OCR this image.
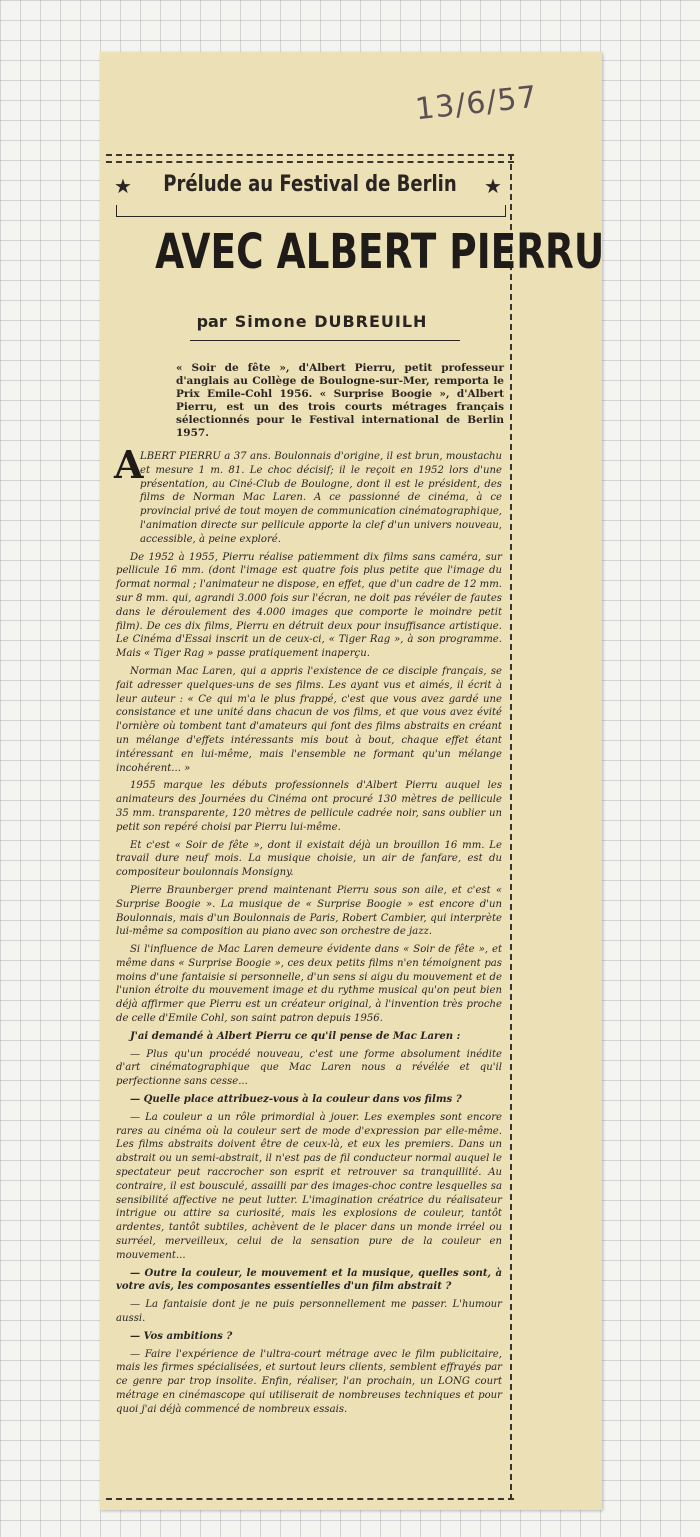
13/6/57
★	Prélude au Festival de Berlin	★
AVEC ALBERT PIERRU
par Simone DUBREUILH
« Soir de fête », d'Albert Pierru, petit professeur d'anglais au Collège de Boulogne-sur-Mer, remporta le Prix Emile-Cohl 1956. « Surprise Boogie », d'Albert Pierru, est un des trois courts métrages français sélectionnés pour le Festival international de Berlin 1957.
A

LBERT PIERRU a 37 ans. Boulonnais d'origine, il est brun, moustachu et mesure 1 m. 81. Le choc décisif; il le reçoit en 1952 lors d'une présentation, au Ciné-Club de Boulogne, dont il est le président, des films de Norman Mac Laren. A ce passionné de cinéma, à ce provincial privé de tout moyen de communication cinématographique, l'animation directe sur pellicule apporte la clef d'un univers nouveau, accessible, à peine exploré.

De 1952 à 1955, Pierru réalise patiemment dix films sans caméra, sur pellicule 16 mm. (dont l'image est quatre fois plus petite que l'image du format normal ; l'animateur ne dispose, en effet, que d'un cadre de 12 mm. sur 8 mm. qui, agrandi 3.000 fois sur l'écran, ne doit pas révéler de fautes dans le déroulement des 4.000 images que comporte le moindre petit film). De ces dix films, Pierru en détruit deux pour insuffisance artistique. Le Cinéma d'Essai inscrit un de ceux-ci, « Tiger Rag », à son programme. Mais « Tiger Rag » passe pratiquement inaperçu.

Norman Mac Laren, qui a appris l'existence de ce disciple français, se fait adresser quelques-uns de ses films. Les ayant vus et aimés, il écrit à leur auteur : « Ce qui m'a le plus frappé, c'est que vous avez gardé une consistance et une unité dans chacun de vos films, et que vous avez évité l'ornière où tombent tant d'amateurs qui font des films abstraits en créant un mélange d'effets intéressants mis bout à bout, chaque effet étant intéressant en lui-même, mais l'ensemble ne formant qu'un mélange incohérent... »

1955 marque les débuts professionnels d'Albert Pierru auquel les animateurs des Journées du Cinéma ont procuré 130 mètres de pellicule 35 mm. transparente, 120 mètres de pellicule cadrée noir, sans oublier un petit son repéré choisi par Pierru lui-même.

Et c'est « Soir de fête », dont il existait déjà un brouillon 16 mm. Le travail dure neuf mois. La musique choisie, un air de fanfare, est du compositeur boulonnais Monsigny.

Pierre Braunberger prend maintenant Pierru sous son aile, et c'est « Surprise Boogie ». La musique de « Surprise Boogie » est encore d'un Boulonnais, mais d'un Boulonnais de Paris, Robert Cambier, qui interprète lui-même sa composition au piano avec son orchestre de jazz.

Si l'influence de Mac Laren demeure évidente dans « Soir de fête », et même dans « Surprise Boogie », ces deux petits films n'en témoignent pas moins d'une fantaisie si personnelle, d'un sens si aigu du mouvement et de l'union étroite du mouvement image et du rythme musical qu'on peut bien déjà affirmer que Pierru est un créateur original, à l'invention très proche de celle d'Emile Cohl, son saint patron depuis 1956.

J'ai demandé à Albert Pierru ce qu'il pense de Mac Laren :

— Plus qu'un procédé nouveau, c'est une forme absolument inédite d'art cinématographique que Mac Laren nous a révélée et qu'il perfectionne sans cesse...

— Quelle place attribuez-vous à la couleur dans vos films ?

— La couleur a un rôle primordial à jouer. Les exemples sont encore rares au cinéma où la couleur sert de mode d'expression par elle-même. Les films abstraits doivent être de ceux-là, et eux les premiers. Dans un abstrait ou un semi-abstrait, il n'est pas de fil conducteur normal auquel le spectateur peut raccrocher son esprit et retrouver sa tranquillité. Au contraire, il est bousculé, assailli par des images-choc contre lesquelles sa sensibilité affective ne peut lutter. L'imagination créatrice du réalisateur intrigue ou attire sa curiosité, mais les explosions de couleur, tantôt ardentes, tantôt subtiles, achèvent de le placer dans un monde irréel ou surréel, merveilleux, celui de la sensation pure de la couleur en mouvement...

— Outre la couleur, le mouvement et la musique, quelles sont, à votre avis, les composantes essentielles d'un film abstrait ?

— La fantaisie dont je ne puis personnellement me passer. L'humour aussi.

— Vos ambitions ?

— Faire l'expérience de l'ultra-court métrage avec le film publicitaire, mais les firmes spécialisées, et surtout leurs clients, semblent effrayés par ce genre par trop insolite. Enfin, réaliser, l'an prochain, un LONG court métrage en cinémascope qui utiliserait de nombreuses techniques et pour quoi j'ai déjà commencé de nombreux essais.
